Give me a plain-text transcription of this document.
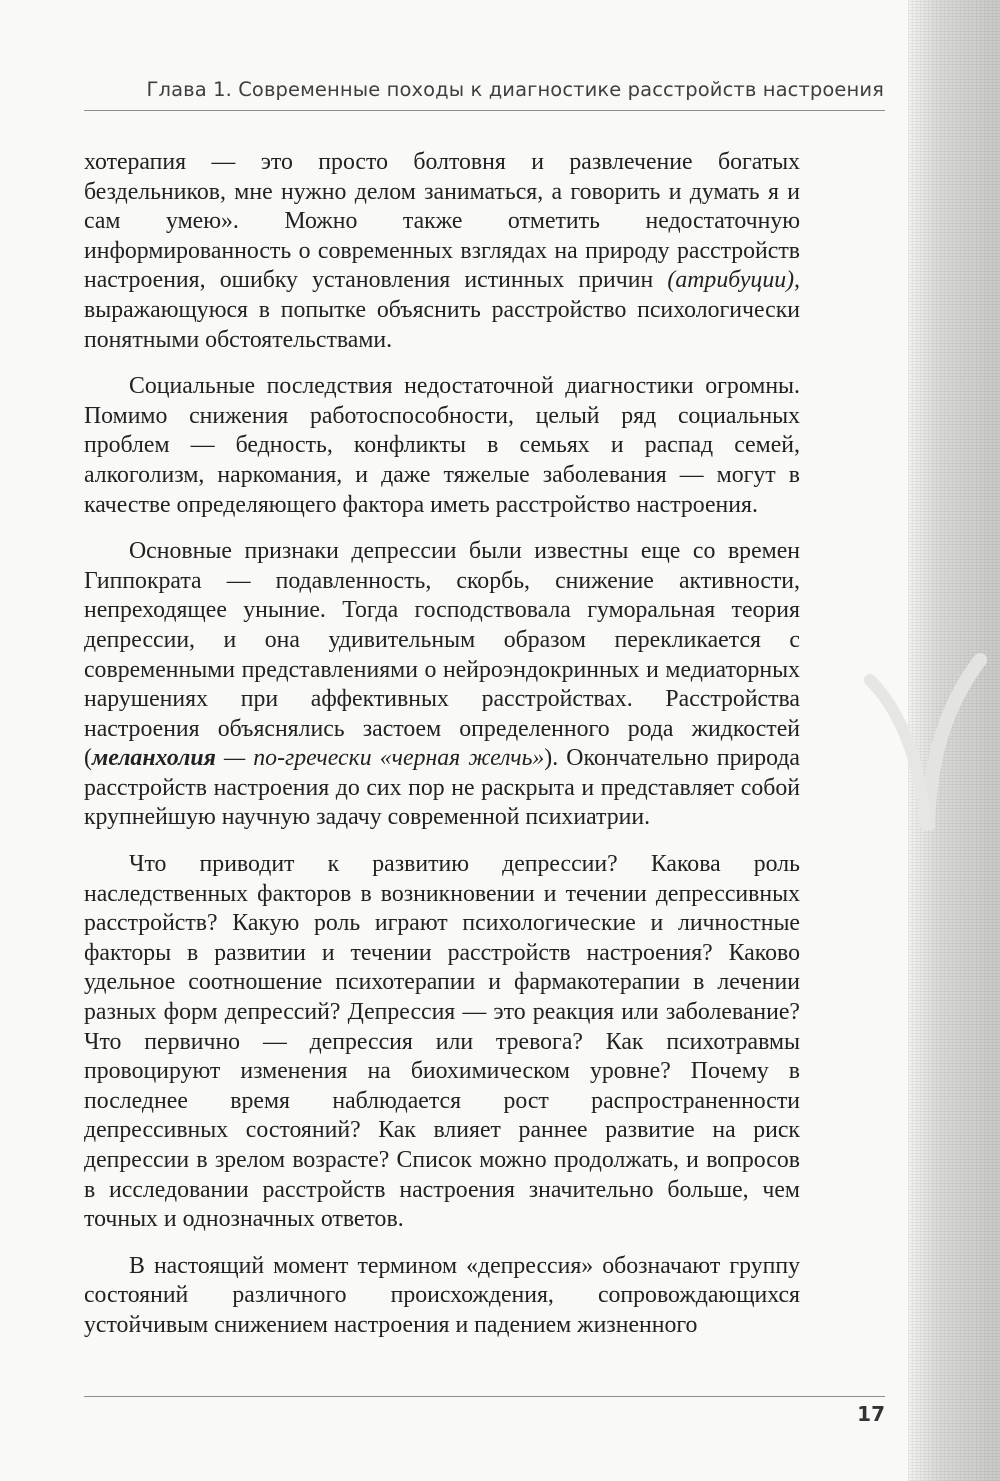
Глава 1. Современные походы к диагностике расстройств настроения

хотерапия — это просто болтовня и развлечение богатых бездельников, мне нужно делом заниматься, а говорить и думать я и сам умею». Можно также отметить недостаточную информированность о современных взглядах на природу расстройств настроения, ошибку установления истинных причин (атрибуции), выражающуюся в попытке объяснить расстройство психологически понятными обстоятельствами.

Социальные последствия недостаточной диагностики огромны. Помимо снижения работоспособности, целый ряд социальных проблем — бедность, конфликты в семьях и распад семей, алкоголизм, наркомания, и даже тяжелые заболевания — могут в качестве определяющего фактора иметь расстройство настроения.

Основные признаки депрессии были известны еще со времен Гиппократа — подавленность, скорбь, снижение активности, непреходящее уныние. Тогда господствовала гуморальная теория депрессии, и она удивительным образом перекликается с современными представлениями о нейроэндокринных и медиаторных нарушениях при аффективных расстройствах. Расстройства настроения объяснялись застоем определенного рода жидкостей (меланхолия — по-гречески «черная желчь»). Окончательно природа расстройств настроения до сих пор не раскрыта и представляет собой крупнейшую научную задачу современной психиатрии.

Что приводит к развитию депрессии? Какова роль наследственных факторов в возникновении и течении депрессивных расстройств? Какую роль играют психологические и личностные факторы в развитии и течении расстройств настроения? Каково удельное соотношение психотерапии и фармакотерапии в лечении разных форм депрессий? Депрессия — это реакция или заболевание? Что первично — депрессия или тревога? Как психотравмы провоцируют изменения на биохимическом уровне? Почему в последнее время наблюдается рост распространенности депрессивных состояний? Как влияет раннее развитие на риск депрессии в зрелом возрасте? Список можно продолжать, и вопросов в исследовании расстройств настроения значительно больше, чем точных и однозначных ответов.

В настоящий момент термином «депрессия» обозначают группу состояний различного происхождения, сопровождающихся устойчивым снижением настроения и падением жизненного

17
